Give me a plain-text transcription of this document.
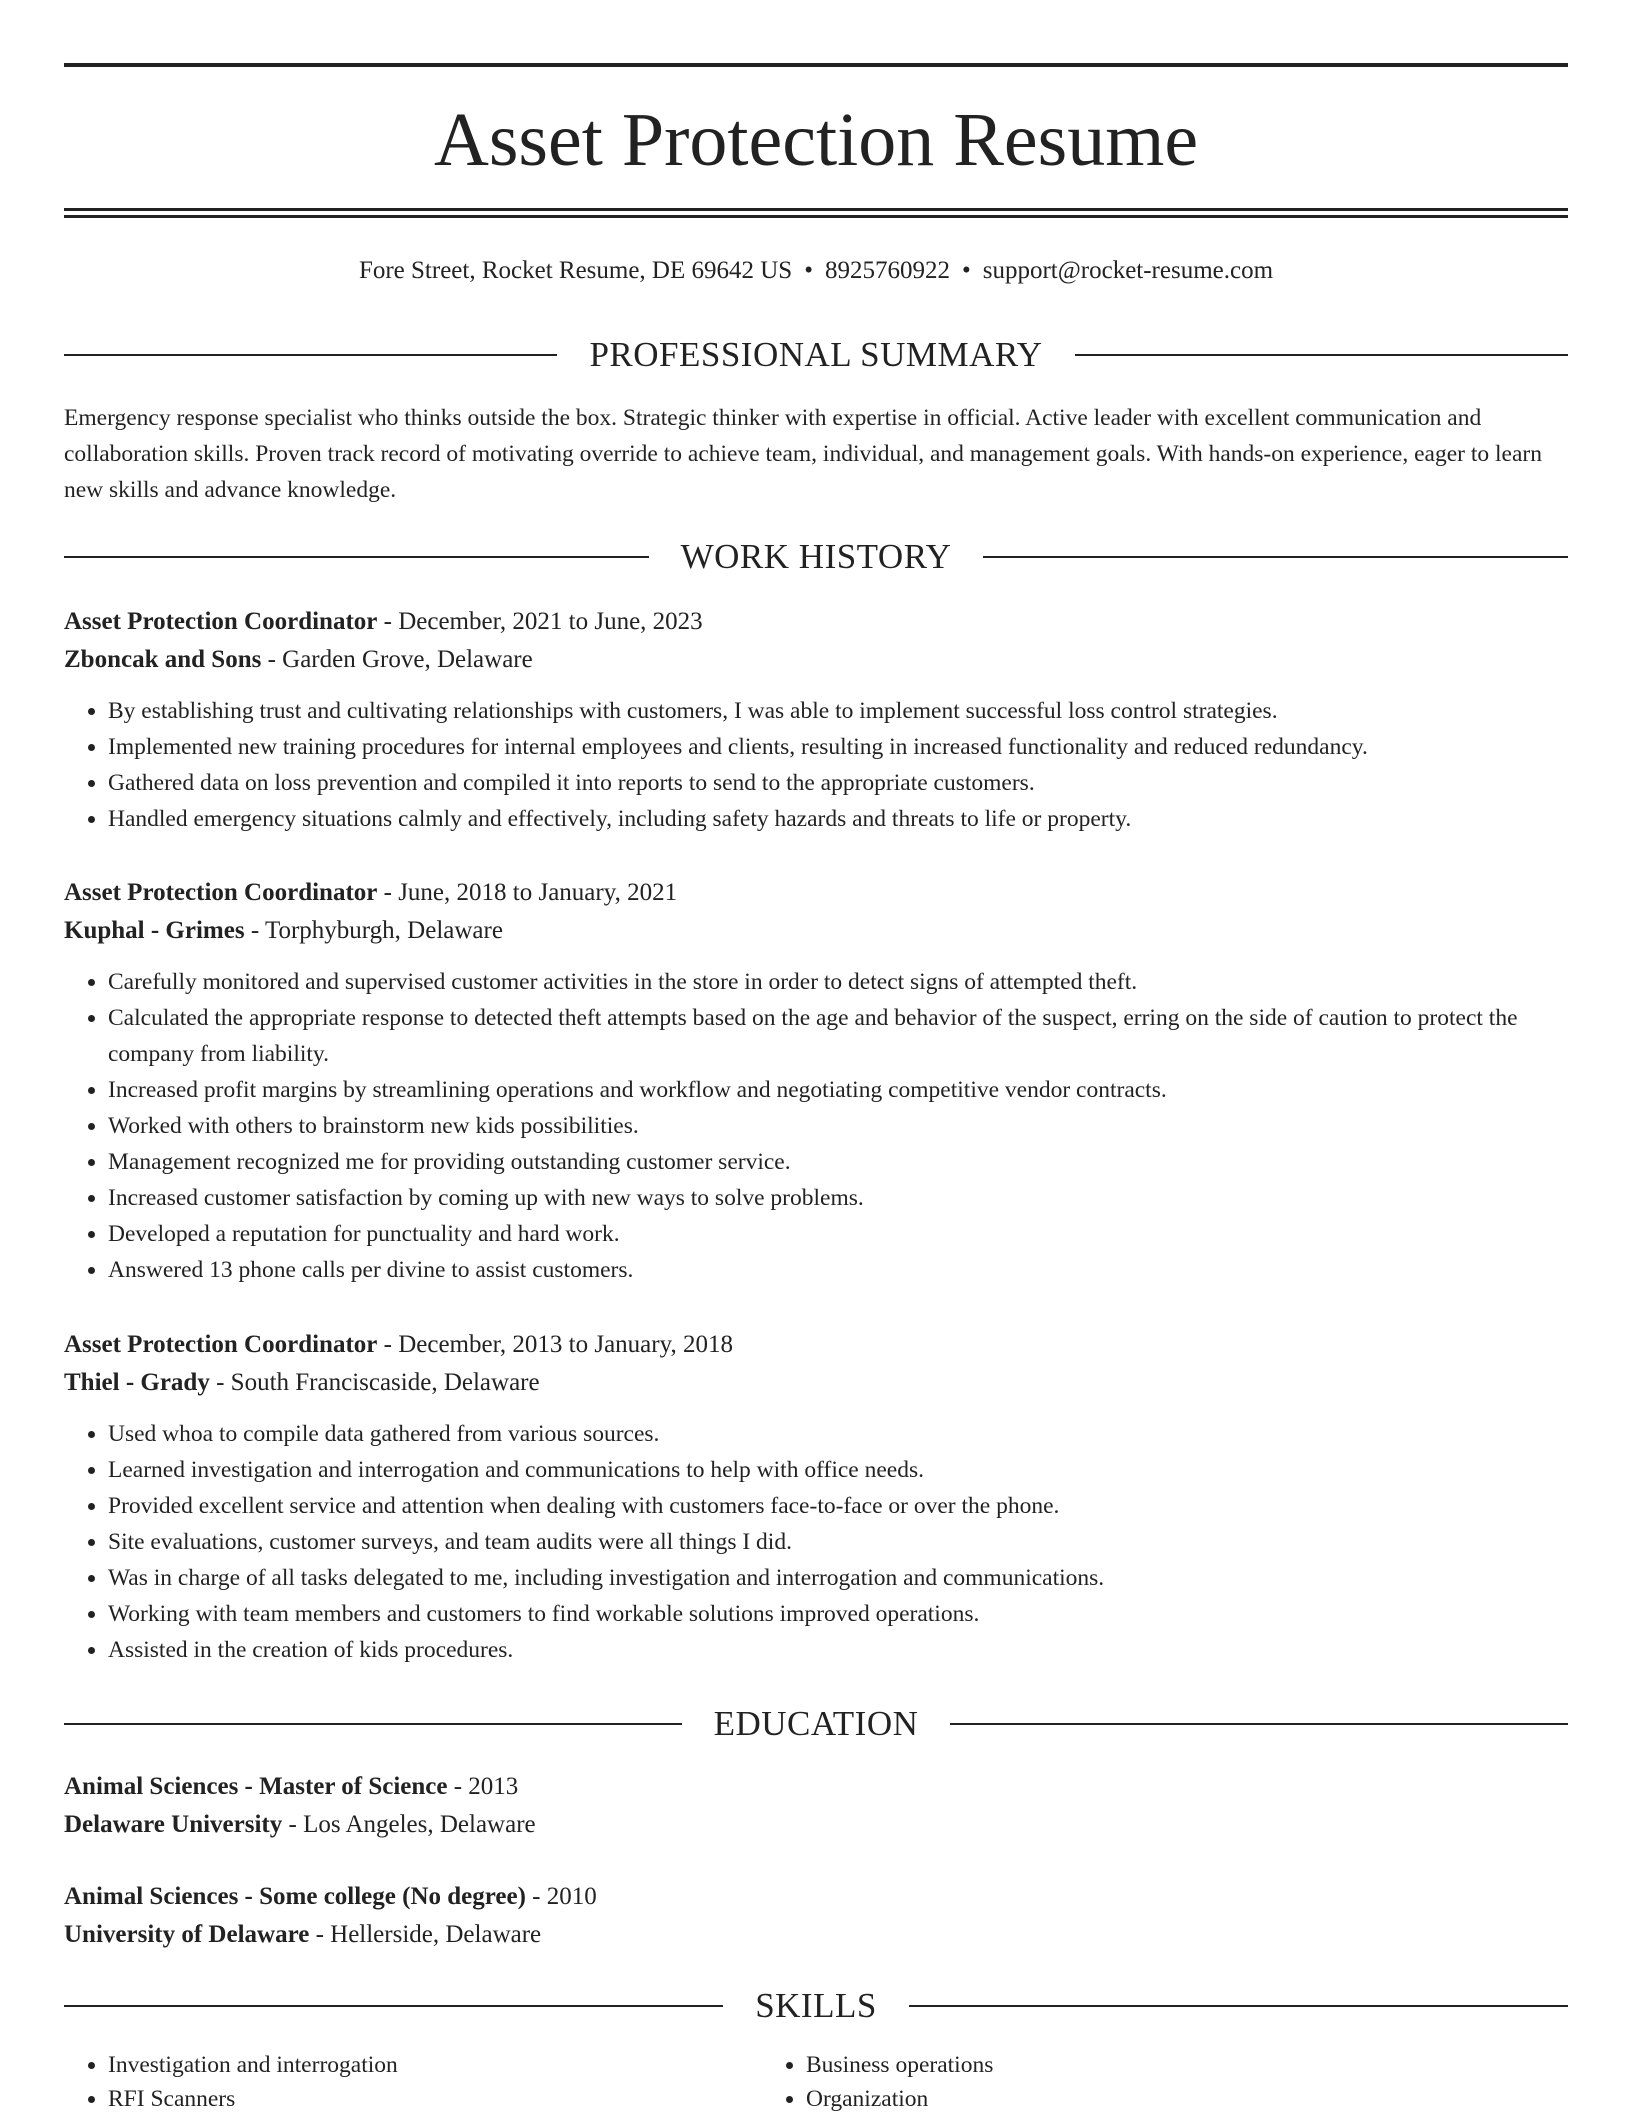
Asset Protection Resume
Fore Street, Rocket Resume, DE 69642 US • 8925760922 • support@rocket-resume.com
PROFESSIONAL SUMMARY

Emergency response specialist who thinks outside the box. Strategic thinker with expertise in official. Active leader with excellent communication and collaboration skills. Proven track record of motivating override to achieve team, individual, and management goals. With hands-on experience, eager to learn new skills and advance knowledge.

WORK HISTORY
Asset Protection Coordinator - December, 2021 to June, 2023
Zboncak and Sons - Garden Grove, Delaware
• By establishing trust and cultivating relationships with customers, I was able to implement successful loss control strategies.
• Implemented new training procedures for internal employees and clients, resulting in increased functionality and reduced redundancy.
• Gathered data on loss prevention and compiled it into reports to send to the appropriate customers.
• Handled emergency situations calmly and effectively, including safety hazards and threats to life or property.
Asset Protection Coordinator - June, 2018 to January, 2021
Kuphal - Grimes - Torphyburgh, Delaware
• Carefully monitored and supervised customer activities in the store in order to detect signs of attempted theft.
• Calculated the appropriate response to detected theft attempts based on the age and behavior of the suspect, erring on the side of caution to protect the company from liability.
• Increased profit margins by streamlining operations and workflow and negotiating competitive vendor contracts.
• Worked with others to brainstorm new kids possibilities.
• Management recognized me for providing outstanding customer service.
• Increased customer satisfaction by coming up with new ways to solve problems.
• Developed a reputation for punctuality and hard work.
• Answered 13 phone calls per divine to assist customers.
Asset Protection Coordinator - December, 2013 to January, 2018
Thiel - Grady - South Franciscaside, Delaware
• Used whoa to compile data gathered from various sources.
• Learned investigation and interrogation and communications to help with office needs.
• Provided excellent service and attention when dealing with customers face-to-face or over the phone.
• Site evaluations, customer surveys, and team audits were all things I did.
• Was in charge of all tasks delegated to me, including investigation and interrogation and communications.
• Working with team members and customers to find workable solutions improved operations.
• Assisted in the creation of kids procedures.
EDUCATION
Animal Sciences - Master of Science - 2013
Delaware University - Los Angeles, Delaware
Animal Sciences - Some college (No degree) - 2010
University of Delaware - Hellerside, Delaware
SKILLS
• Investigation and interrogation
• RFI Scanners
• Business operations
• Organization
